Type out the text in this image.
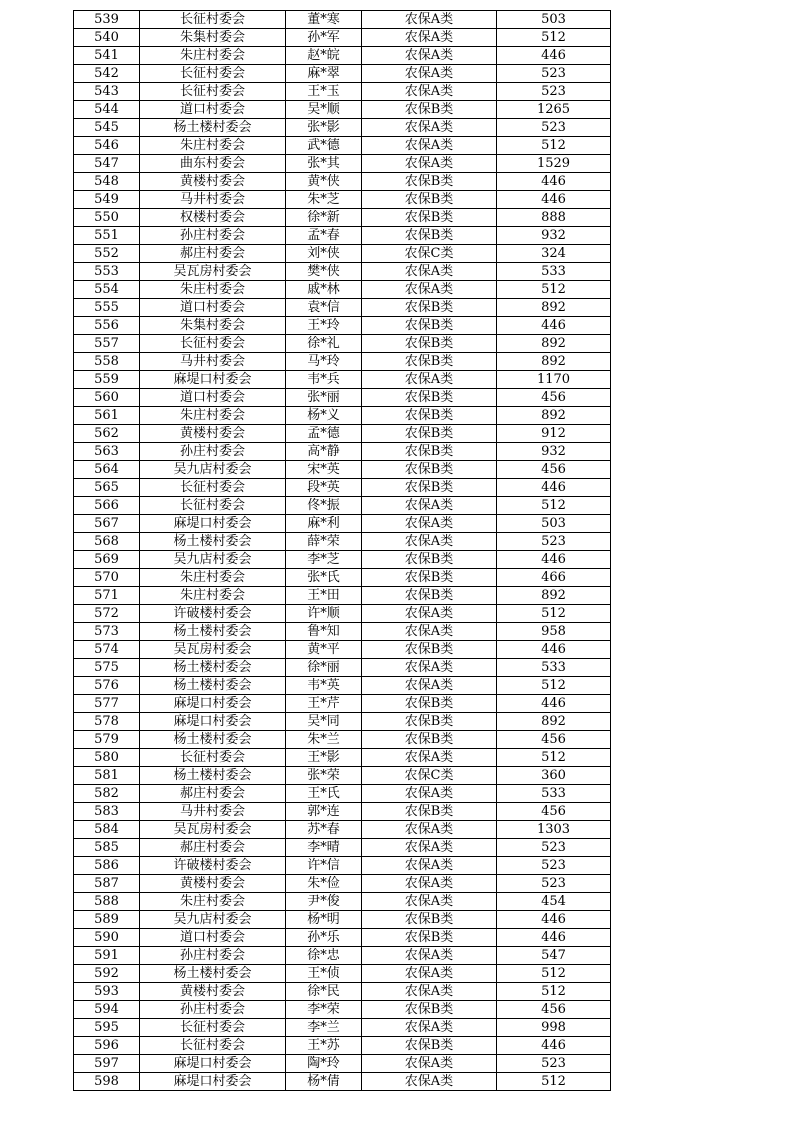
539	长征村委会	董*寒	农保A类	503
540	朱集村委会	孙*军	农保A类	512
541	朱庄村委会	赵*皖	农保A类	446
542	长征村委会	麻*翠	农保A类	523
543	长征村委会	王*玉	农保A类	523
544	道口村委会	吴*顺	农保B类	1265
545	杨土楼村委会	张*影	农保A类	523
546	朱庄村委会	武*德	农保A类	512
547	曲东村委会	张*其	农保A类	1529
548	黄楼村委会	黄*侠	农保B类	446
549	马井村委会	朱*芝	农保B类	446
550	权楼村委会	徐*新	农保B类	888
551	孙庄村委会	孟*春	农保B类	932
552	郝庄村委会	刘*侠	农保C类	324
553	吴瓦房村委会	樊*侠	农保A类	533
554	朱庄村委会	戚*林	农保A类	512
555	道口村委会	袁*信	农保B类	892
556	朱集村委会	王*玲	农保B类	446
557	长征村委会	徐*礼	农保B类	892
558	马井村委会	马*玲	农保B类	892
559	麻堤口村委会	韦*兵	农保A类	1170
560	道口村委会	张*丽	农保B类	456
561	朱庄村委会	杨*义	农保B类	892
562	黄楼村委会	孟*德	农保B类	912
563	孙庄村委会	高*静	农保B类	932
564	吴九店村委会	宋*英	农保B类	456
565	长征村委会	段*英	农保B类	446
566	长征村委会	佟*振	农保A类	512
567	麻堤口村委会	麻*利	农保A类	503
568	杨土楼村委会	薛*荣	农保A类	523
569	吴九店村委会	李*芝	农保B类	446
570	朱庄村委会	张*氏	农保B类	466
571	朱庄村委会	王*田	农保B类	892
572	许破楼村委会	许*顺	农保A类	512
573	杨土楼村委会	鲁*知	农保A类	958
574	吴瓦房村委会	黄*平	农保B类	446
575	杨土楼村委会	徐*丽	农保A类	533
576	杨土楼村委会	韦*英	农保A类	512
577	麻堤口村委会	王*芹	农保B类	446
578	麻堤口村委会	吴*同	农保B类	892
579	杨土楼村委会	朱*兰	农保B类	456
580	长征村委会	王*影	农保A类	512
581	杨土楼村委会	张*荣	农保C类	360
582	郝庄村委会	王*氏	农保A类	533
583	马井村委会	郭*连	农保B类	456
584	吴瓦房村委会	苏*春	农保A类	1303
585	郝庄村委会	李*晴	农保A类	523
586	许破楼村委会	许*信	农保A类	523
587	黄楼村委会	朱*俭	农保A类	523
588	朱庄村委会	尹*俊	农保A类	454
589	吴九店村委会	杨*明	农保B类	446
590	道口村委会	孙*乐	农保B类	446
591	孙庄村委会	徐*忠	农保A类	547
592	杨土楼村委会	王*侦	农保A类	512
593	黄楼村委会	徐*民	农保A类	512
594	孙庄村委会	李*荣	农保B类	456
595	长征村委会	李*兰	农保A类	998
596	长征村委会	王*苏	农保B类	446
597	麻堤口村委会	陶*玲	农保A类	523
598	麻堤口村委会	杨*倩	农保A类	512
